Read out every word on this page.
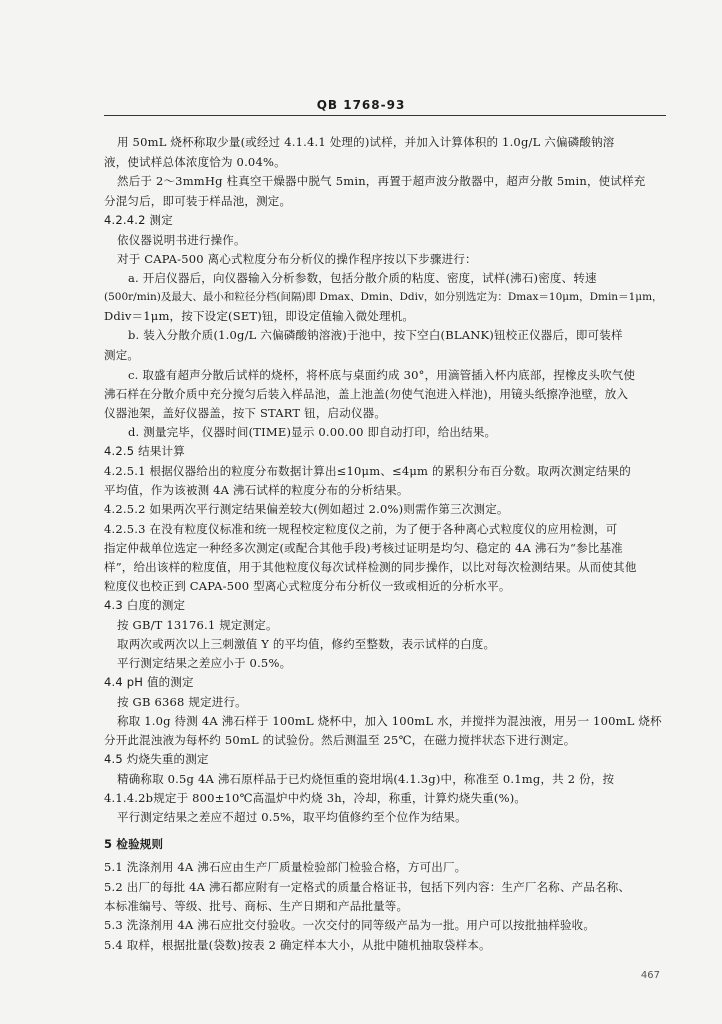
QB 1768-93
用 50mL 烧杯称取少量(或经过 4.1.4.1 处理的)试样，并加入计算体积的 1.0g/L 六偏磷酸钠溶
液，使试样总体浓度恰为 0.04%。
然后于 2～3mmHg 柱真空干燥器中脱气 5min，再置于超声波分散器中，超声分散 5min，使试样充
分混匀后，即可装于样品池，测定。
4.2.4.2 测定
依仪器说明书进行操作。
对于 CAPA-500 离心式粒度分布分析仪的操作程序按以下步骤进行：
a. 开启仪器后，向仪器输入分析参数，包括分散介质的粘度、密度，试样(沸石)密度、转速
(500r/min)及最大、最小和粒径分档(间隔)即 Dmax、Dmin、Ddiv，如分别选定为：Dmax＝10μm，Dmin＝1μm，
Ddiv＝1μm，按下设定(SET)钮，即设定值输入微处理机。
b. 装入分散介质(1.0g/L 六偏磷酸钠溶液)于池中，按下空白(BLANK)钮校正仪器后，即可装样
测定。
c. 取盛有超声分散后试样的烧杯，将杯底与桌面约成 30°，用滴管插入杯内底部，捏橡皮头吹气使
沸石样在分散介质中充分搅匀后装入样品池，盖上池盖(勿使气泡进入样池)，用镜头纸擦净池壁，放入
仪器池架，盖好仪器盖，按下 START 钮，启动仪器。
d. 测量完毕，仪器时间(TIME)显示 0.00.00 即自动打印，给出结果。
4.2.5 结果计算
4.2.5.1 根据仪器给出的粒度分布数据计算出≤10μm、≤4μm 的累积分布百分数。取两次测定结果的
平均值，作为该被测 4A 沸石试样的粒度分布的分析结果。
4.2.5.2 如果两次平行测定结果偏差较大(例如超过 2.0%)则需作第三次测定。
4.2.5.3 在没有粒度仪标准和统一规程校定粒度仪之前，为了便于各种离心式粒度仪的应用检测，可
指定仲裁单位选定一种经多次测定(或配合其他手段)考核过证明是均匀、稳定的 4A 沸石为“参比基准
样”，给出该样的粒度值，用于其他粒度仪每次试样检测的同步操作，以比对每次检测结果。从而使其他
粒度仪也校正到 CAPA-500 型离心式粒度分布分析仪一致或相近的分析水平。
4.3 白度的测定
按 GB/T 13176.1 规定测定。
取两次或两次以上三刺激值 Y 的平均值，修约至整数，表示试样的白度。
平行测定结果之差应小于 0.5%。
4.4 pH 值的测定
按 GB 6368 规定进行。
称取 1.0g 待测 4A 沸石样于 100mL 烧杯中，加入 100mL 水，并搅拌为混浊液，用另一 100mL 烧杯
分开此混浊液为每杯约 50mL 的试验份。然后测温至 25℃，在磁力搅拌状态下进行测定。
4.5 灼烧失重的测定
精确称取 0.5g 4A 沸石原样品于已灼烧恒重的瓷坩埚(4.1.3g)中，称准至 0.1mg，共 2 份，按
4.1.4.2b规定于 800±10℃高温炉中灼烧 3h，冷却，称重，计算灼烧失重(%)。
平行测定结果之差应不超过 0.5%，取平均值修约至个位作为结果。
5 检验规则
5.1 洗涤剂用 4A 沸石应由生产厂质量检验部门检验合格，方可出厂。
5.2 出厂的每批 4A 沸石都应附有一定格式的质量合格证书，包括下列内容：生产厂名称、产品名称、
本标准编号、等级、批号、商标、生产日期和产品批量等。
5.3 洗涤剂用 4A 沸石应批交付验收。一次交付的同等级产品为一批。用户可以按批抽样验收。
5.4 取样，根据批量(袋数)按表 2 确定样本大小，从批中随机抽取袋样本。
467
